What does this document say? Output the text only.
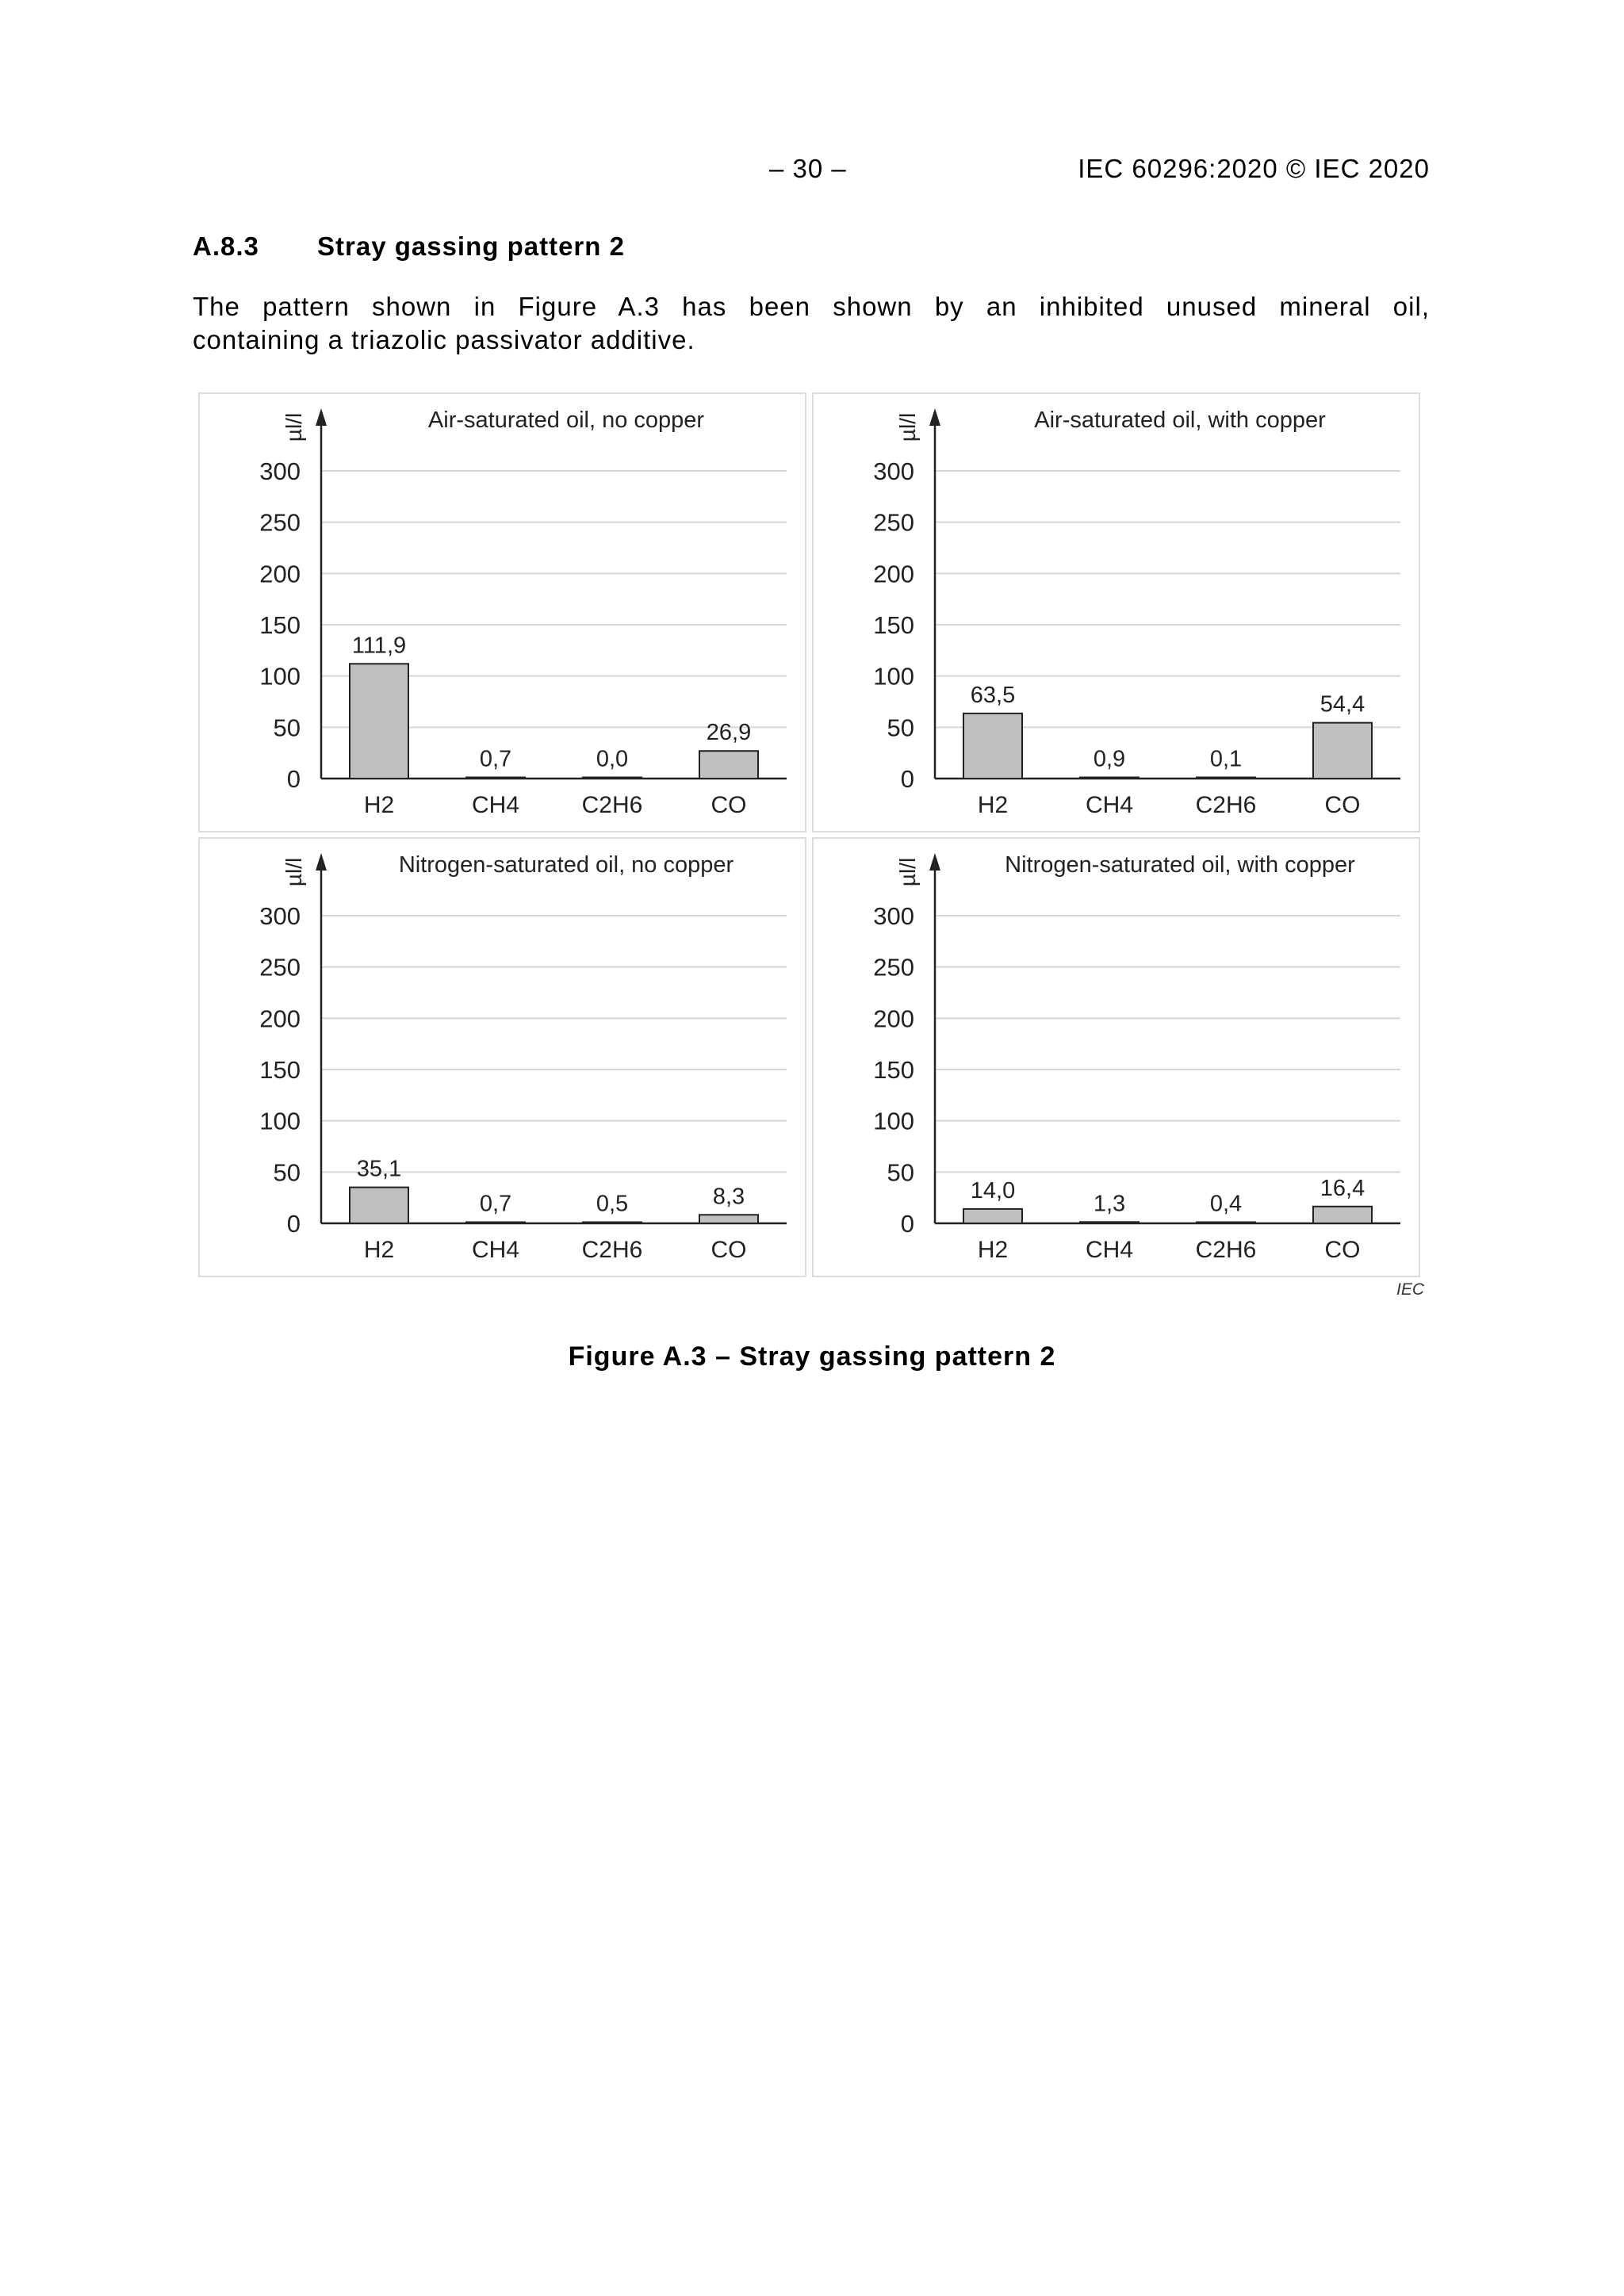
– 30 –	IEC 60296:2020 © IEC 2020
A.8.3 Stray gassing pattern 2
The pattern shown in Figure A.3 has been shown by an inhibited unused mineral oil,
containing a triazolic passivator additive.
0
50
100
150
200
250
300
µl/l	Air-saturated oil, no copper
111,9
H2
0,7
CH4
0,0
C2H6
26,9
CO
0
50
100
150
200
250
300
µl/l	Air-saturated oil, with copper
63,5
H2
0,9
CH4
0,1
C2H6
54,4
CO
0
50
100
150
200
250
300
µl/l	Nitrogen-saturated oil, no copper
35,1
H2
0,7
CH4
0,5
C2H6
8,3
CO
0
50
100
150
200
250
300
µl/l	Nitrogen-saturated oil, with copper
14,0
H2
1,3
CH4
0,4
C2H6
16,4
CO
IEC
Figure A.3 – Stray gassing pattern 2
